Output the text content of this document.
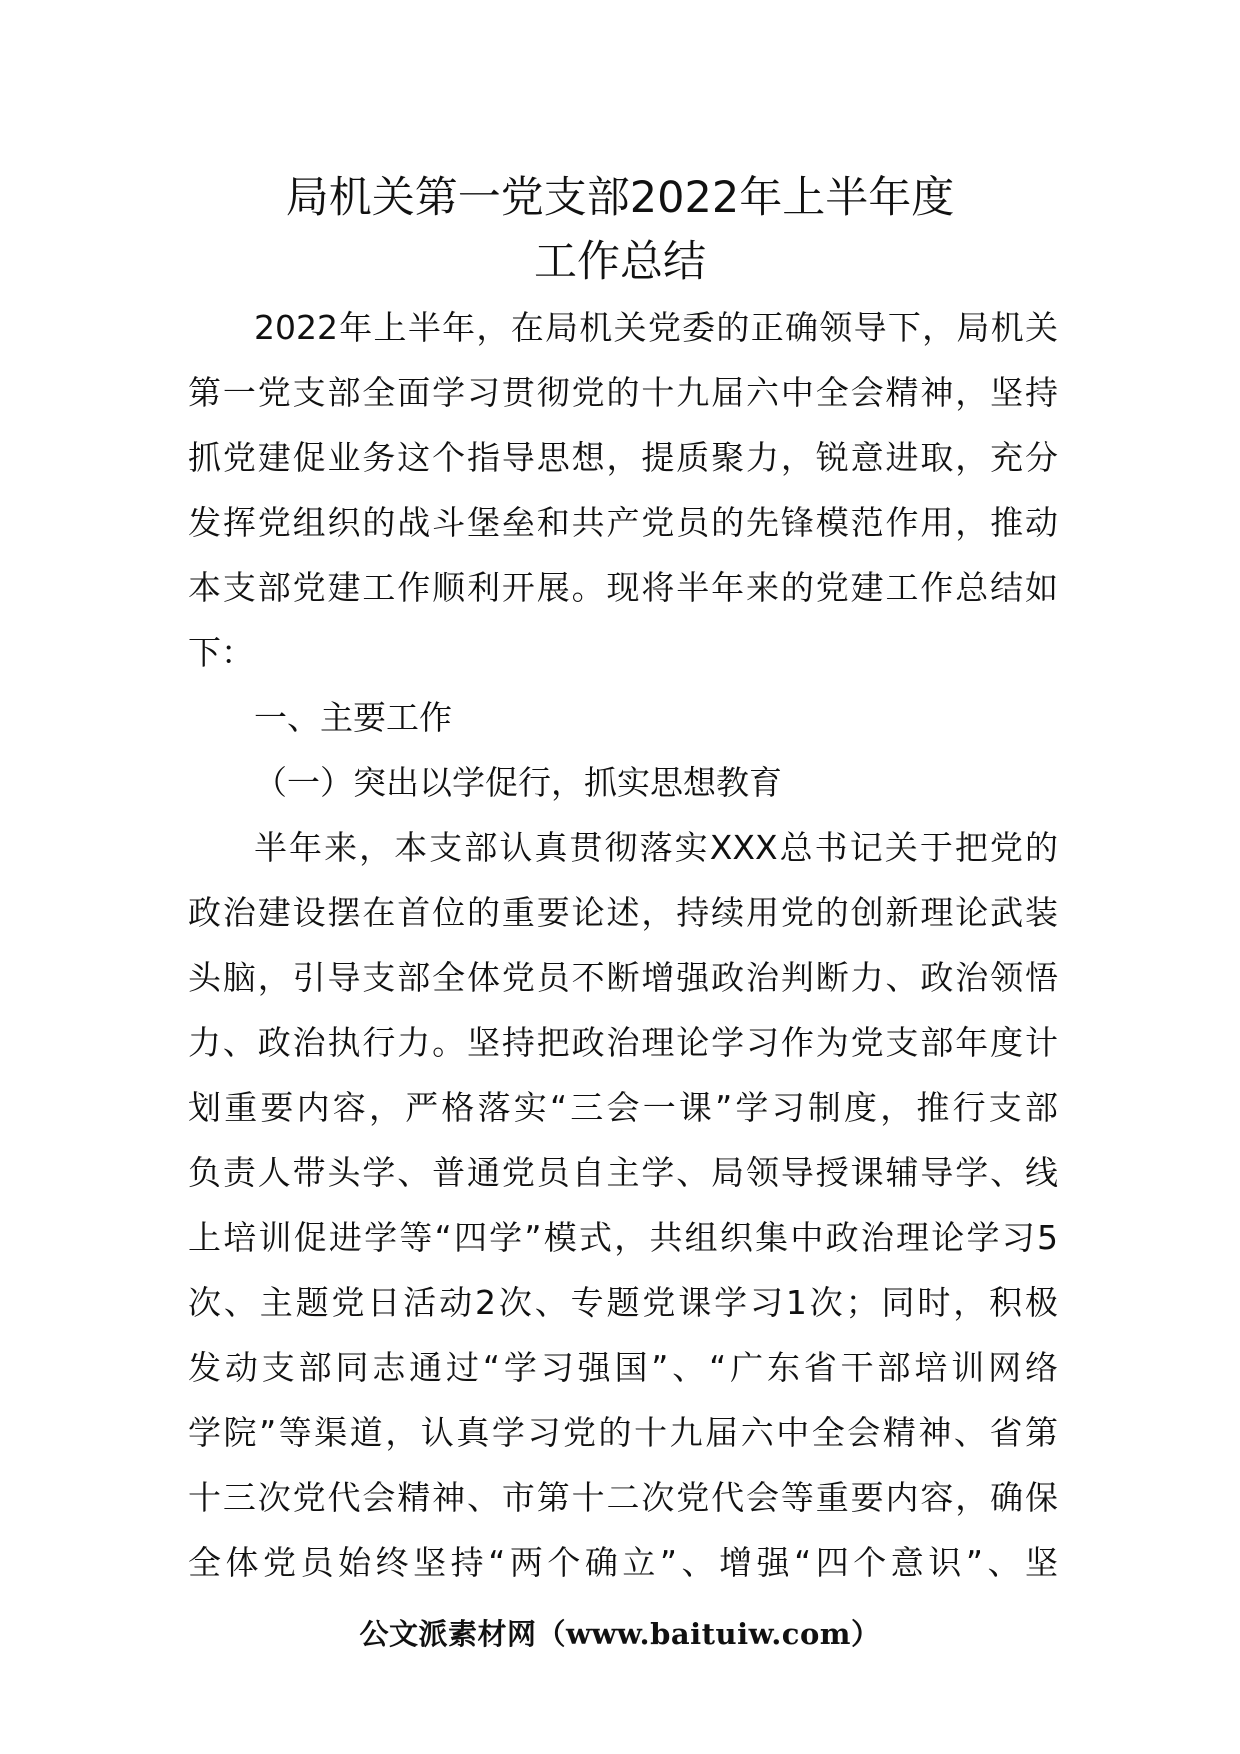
局机关第一党支部2022年上半年度
工作总结
2022年上半年，在局机关党委的正确领导下，局机关
第一党支部全面学习贯彻党的十九届六中全会精神，坚持
抓党建促业务这个指导思想，提质聚力，锐意进取，充分
发挥党组织的战斗堡垒和共产党员的先锋模范作用，推动
本支部党建工作顺利开展。现将半年来的党建工作总结如
下：
一、主要工作
（一）突出以学促行，抓实思想教育
半年来，本支部认真贯彻落实XXX总书记关于把党的
政治建设摆在首位的重要论述，持续用党的创新理论武装
头脑，引导支部全体党员不断增强政治判断力、政治领悟
力、政治执行力。坚持把政治理论学习作为党支部年度计
划重要内容，严格落实“三会一课”学习制度，推行支部
负责人带头学、普通党员自主学、局领导授课辅导学、线
上培训促进学等“四学”模式，共组织集中政治理论学习5
次、主题党日活动2次、专题党课学习1次；同时，积极
发动支部同志通过“学习强国”、“广东省干部培训网络
学院”等渠道，认真学习党的十九届六中全会精神、省第
十三次党代会精神、市第十二次党代会等重要内容，确保
全体党员始终坚持“两个确立”、增强“四个意识”、坚
公文派素材网（www.baituiw.com）
